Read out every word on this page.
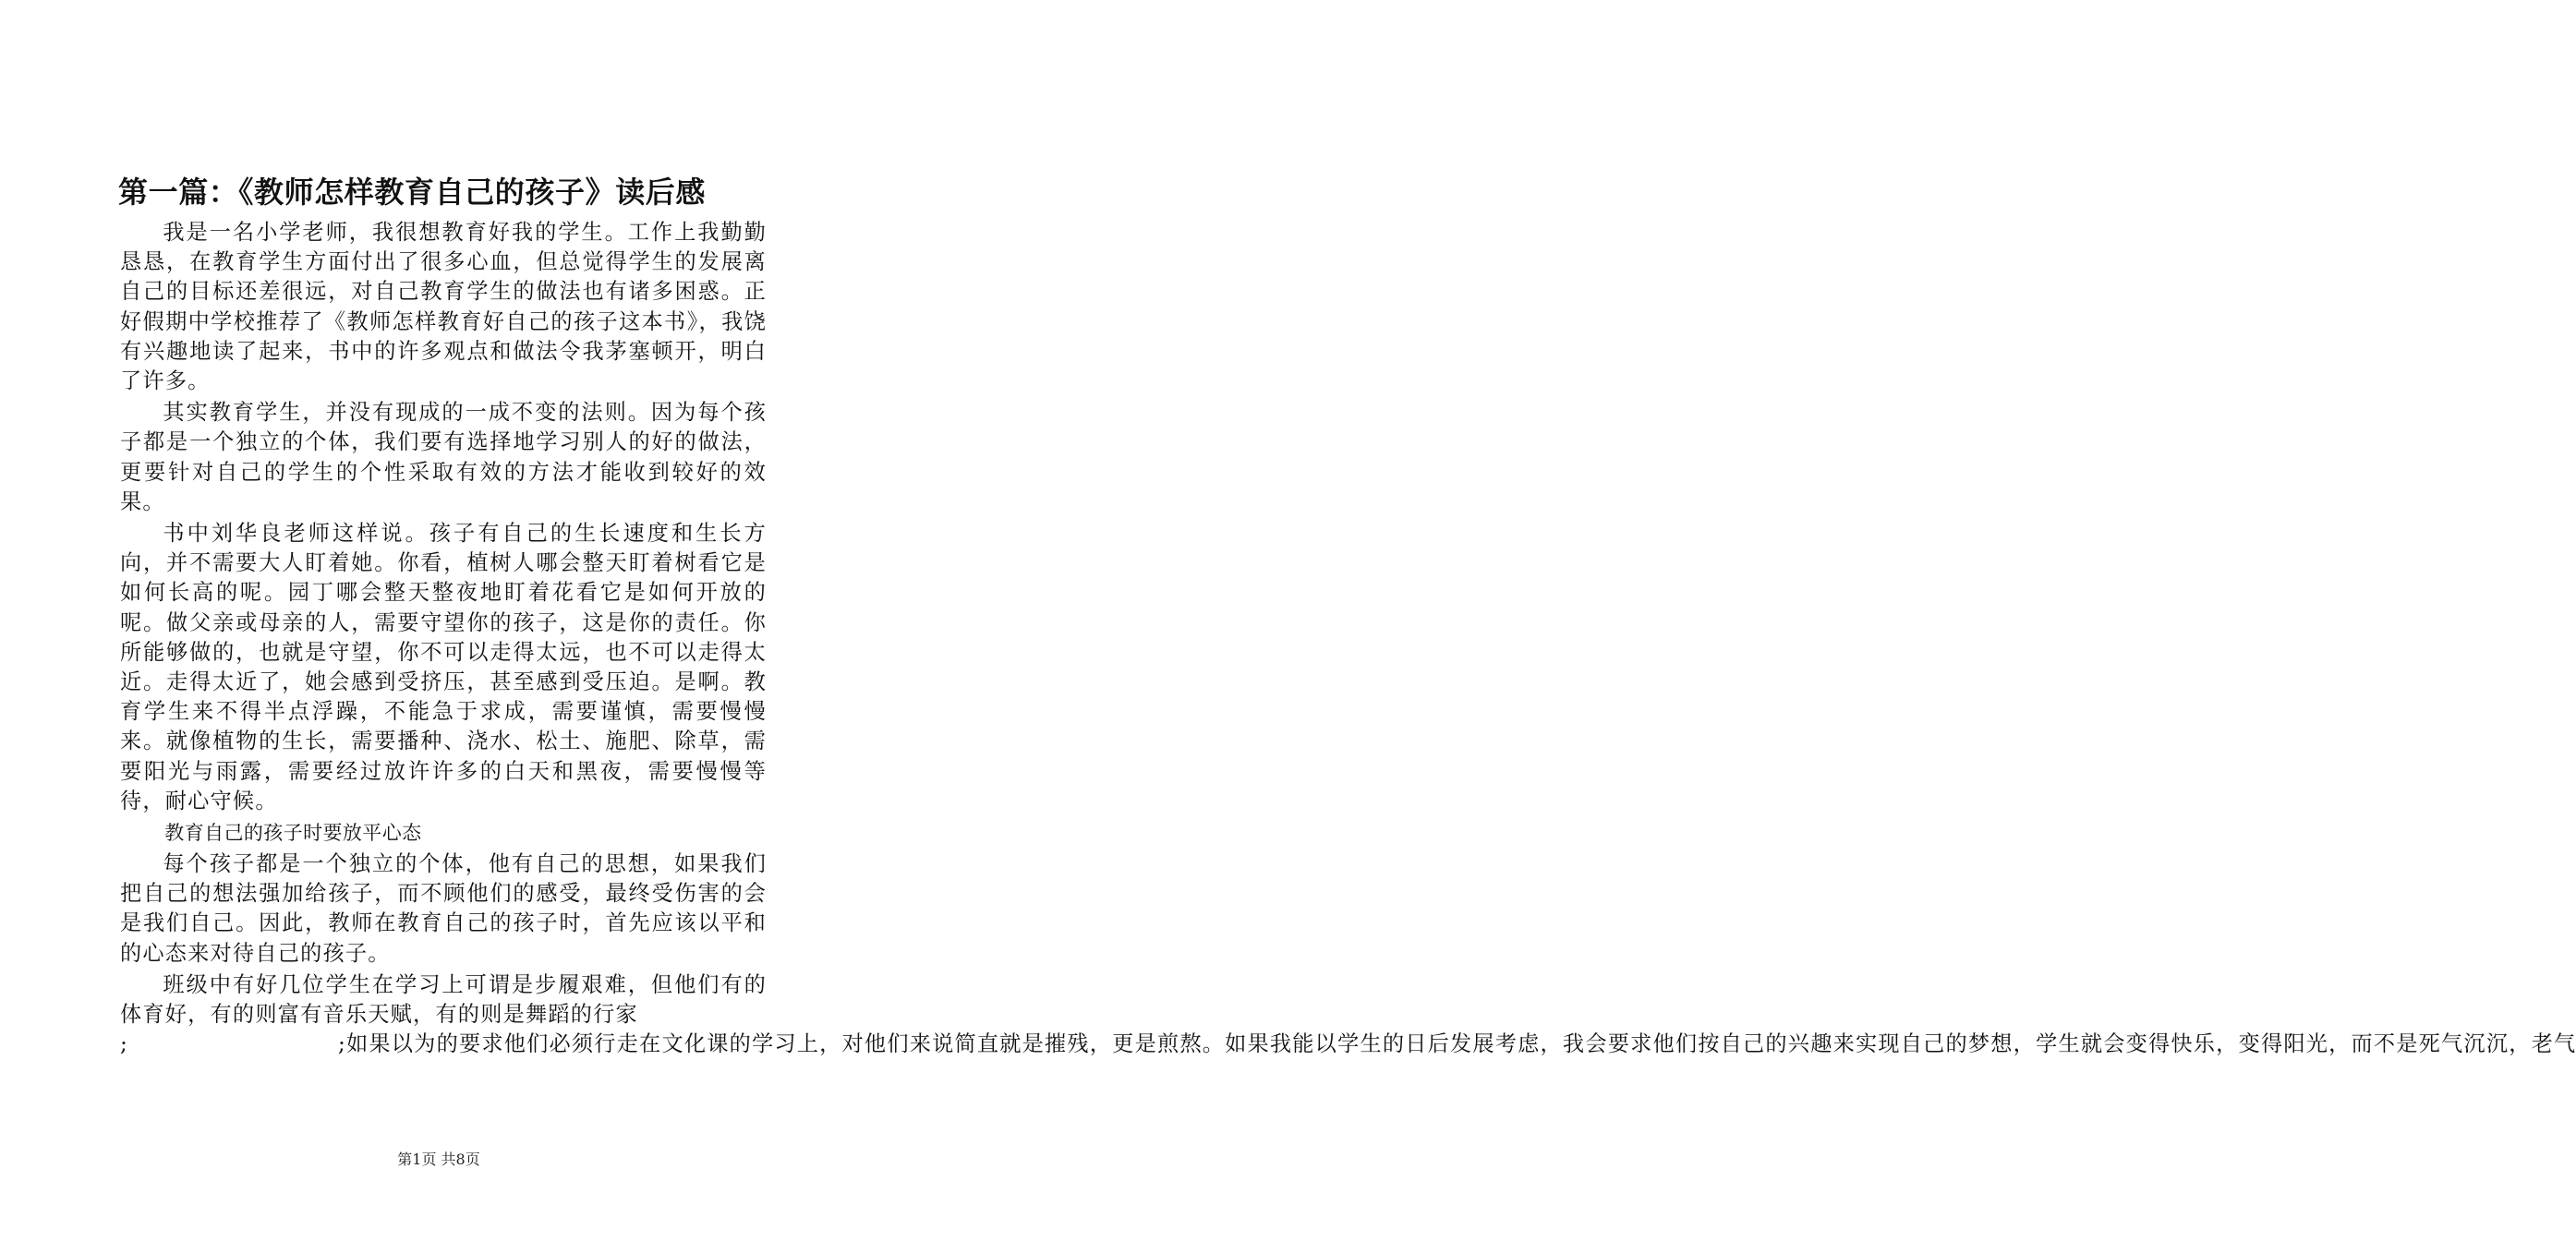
第一篇：《教师怎样教育自己的孩子》读后感

我是一名小学老师，我很想教育好我的学生。工作上我勤勤恳恳，在教育学生方面付出了很多心血，但总觉得学生的发展离自己的目标还差很远，对自己教育学生的做法也有诸多困惑。正好假期中学校推荐了《教师怎样教育好自己的孩子这本书》，我饶有兴趣地读了起来，书中的许多观点和做法令我茅塞顿开，明白了许多。

其实教育学生，并没有现成的一成不变的法则。因为每个孩子都是一个独立的个体，我们要有选择地学习别人的好的做法，更要针对自己的学生的个性采取有效的方法才能收到较好的效果。

书中刘华良老师这样说。孩子有自己的生长速度和生长方向，并不需要大人盯着她。你看，植树人哪会整天盯着树看它是如何长高的呢。园丁哪会整天整夜地盯着花看它是如何开放的呢。做父亲或母亲的人，需要守望你的孩子，这是你的责任。你所能够做的，也就是守望，你不可以走得太远，也不可以走得太近。走得太近了，她会感到受挤压，甚至感到受压迫。是啊。教育学生来不得半点浮躁，不能急于求成，需要谨慎，需要慢慢来。就像植物的生长，需要播种、浇水、松土、施肥、除草，需要阳光与雨露，需要经过放许许多的白天和黑夜，需要慢慢等待，耐心守候。

教育自己的孩子时要放平心态

每个孩子都是一个独立的个体，他有自己的思想，如果我们把自己的想法强加给孩子，而不顾他们的感受，最终受伤害的会是我们自己。因此，教师在教育自己的孩子时，首先应该以平和的心态来对待自己的孩子。

班级中有好几位学生在学习上可谓是步履艰难，但他们有的体育好，有的则富有音乐天赋，有的则是舞蹈的行家

;	;如果以为的要求他们必须行走在文化课的学习上，对他们来说简直就是摧残，更是煎熬。如果我能以学生的日后发展考虑，我会要求他们按自己的兴趣来实现自己的梦想，学生就会变得快乐，变得阳光，而不是死气沉沉，老气

第1页 共8页
